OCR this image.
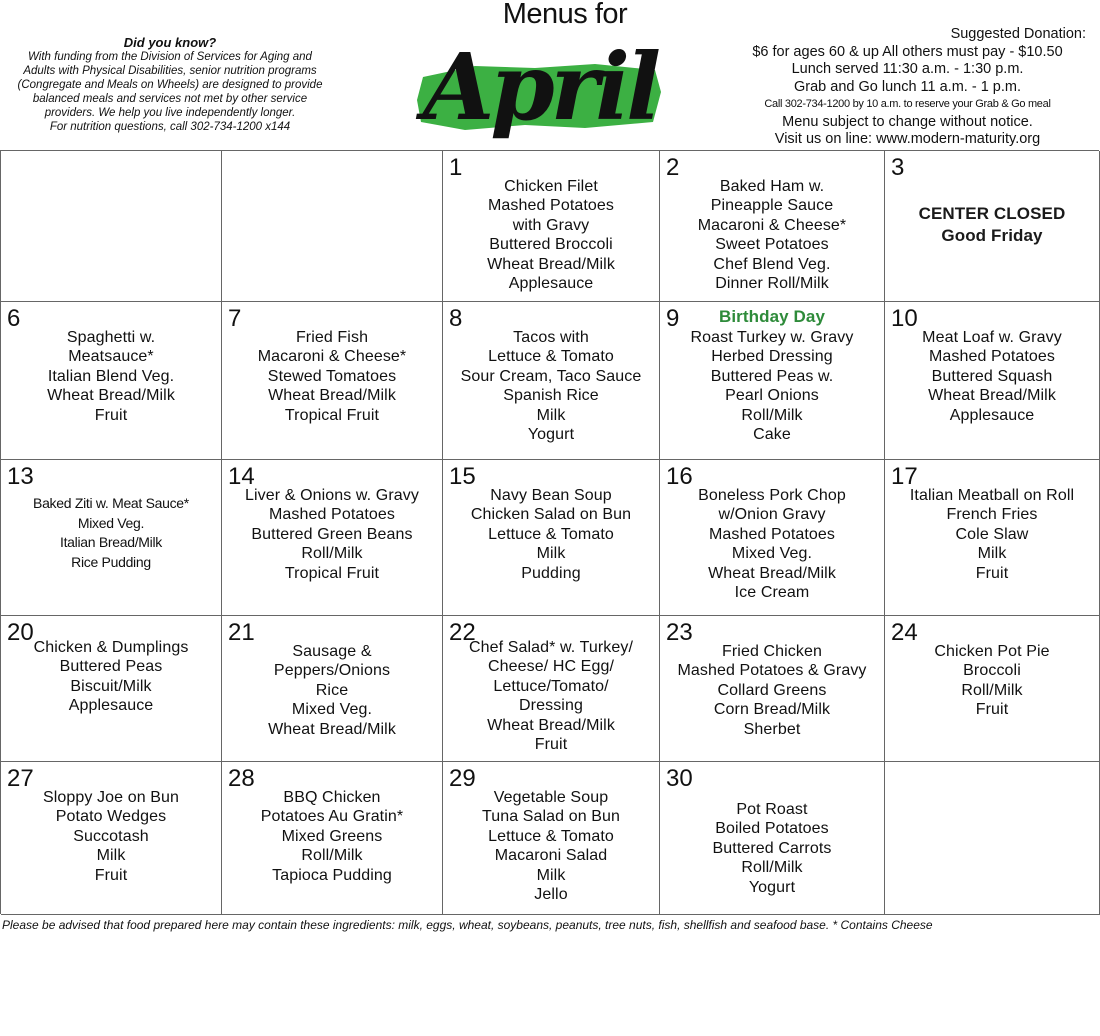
Did you know?
With funding from the Division of Services for Aging and
Adults with Physical Disabilities, senior nutrition programs
(Congregate and Meals on Wheels) are designed to provide
balanced meals and services not met by other service
providers. We help you live independently longer.
For nutrition questions, call 302-734-1200 x144
Menus for
April	Suggested Donation:
$6 for ages 60 & up All others must pay - $10.50
Lunch served 11:30 a.m. - 1:30 p.m.
Grab and Go lunch 11 a.m. - 1 p.m.
Call 302-734-1200 by 10 a.m. to reserve your Grab & Go meal
Menu subject to change without notice.
Visit us on line: www.modern-maturity.org
1
Chicken Filet
Mashed Potatoes
with Gravy
Buttered Broccoli
Wheat Bread/Milk
Applesauce
2
Baked Ham w.
Pineapple Sauce
Macaroni & Cheese*
Sweet Potatoes
Chef Blend Veg.
Dinner Roll/Milk
3
CENTER CLOSED
Good Friday
6
Spaghetti w.
Meatsauce*
Italian Blend Veg.
Wheat Bread/Milk
Fruit
7
Fried Fish
Macaroni & Cheese*
Stewed Tomatoes
Wheat Bread/Milk
Tropical Fruit
8
Tacos with
Lettuce & Tomato
Sour Cream, Taco Sauce
Spanish Rice
Milk
Yogurt
9	Birthday Day
Roast Turkey w. Gravy
Herbed Dressing
Buttered Peas w.
Pearl Onions
Roll/Milk
Cake
10
Meat Loaf w. Gravy
Mashed Potatoes
Buttered Squash
Wheat Bread/Milk
Applesauce
13
Baked Ziti w. Meat Sauce*
Mixed Veg.
Italian Bread/Milk
Rice Pudding
14
Liver & Onions w. Gravy
Mashed Potatoes
Buttered Green Beans
Roll/Milk
Tropical Fruit
15
Navy Bean Soup
Chicken Salad on Bun
Lettuce & Tomato
Milk
Pudding
16
Boneless Pork Chop
w/Onion Gravy
Mashed Potatoes
Mixed Veg.
Wheat Bread/Milk
Ice Cream
17
Italian Meatball on Roll
French Fries
Cole Slaw
Milk
Fruit
20
Chicken & Dumplings
Buttered Peas
Biscuit/Milk
Applesauce
21
Sausage &
Peppers/Onions
Rice
Mixed Veg.
Wheat Bread/Milk
22
Chef Salad* w. Turkey/
Cheese/ HC Egg/
Lettuce/Tomato/
Dressing
Wheat Bread/Milk
Fruit
23
Fried Chicken
Mashed Potatoes & Gravy
Collard Greens
Corn Bread/Milk
Sherbet
24
Chicken Pot Pie
Broccoli
Roll/Milk
Fruit
27
Sloppy Joe on Bun
Potato Wedges
Succotash
Milk
Fruit
28
BBQ Chicken
Potatoes Au Gratin*
Mixed Greens
Roll/Milk
Tapioca Pudding
29
Vegetable Soup
Tuna Salad on Bun
Lettuce & Tomato
Macaroni Salad
Milk
Jello
30
Pot Roast
Boiled Potatoes
Buttered Carrots
Roll/Milk
Yogurt
Please be advised that food prepared here may contain these ingredients: milk, eggs, wheat, soybeans, peanuts, tree nuts, fish, shellfish and seafood base. * Contains Cheese
